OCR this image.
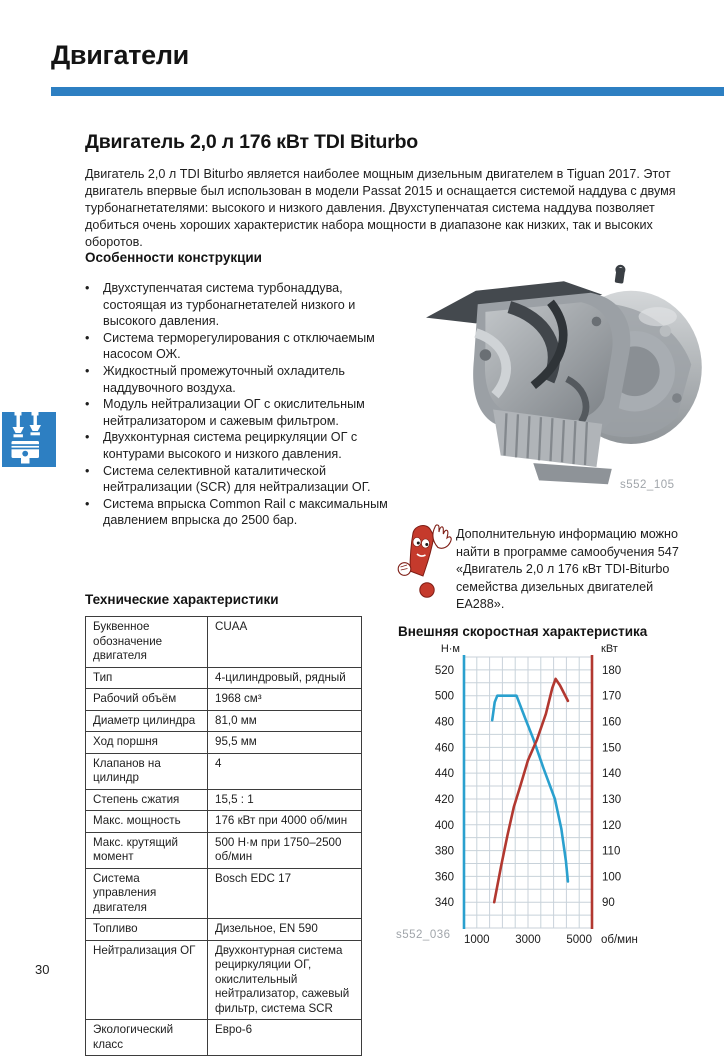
Двигатели
Двигатель 2,0 л 176 кВт TDI Biturbo

Двигатель 2,0 л TDI Biturbo является наиболее мощным дизельным двигателем в Tiguan 2017. Этот двигатель впервые был использован в модели Passat 2015 и оснащается системой наддува с двумя турбонагнетателями: высокого и низкого давления. Двухступенчатая система наддува позволяет добиться очень хороших характеристик набора мощности в диапазоне как низких, так и высоких оборотов.

Особенности конструкции
•	Двухступенчатая система турбонаддува, состоящая из турбонагнетателей низкого и высокого давления.
•	Система терморегулирования с отключаемым насосом ОЖ.
•	Жидкостный промежуточный охладитель наддувочного воздуха.
•	Модуль нейтрализации ОГ с окислительным нейтрализатором и сажевым фильтром.
•	Двухконтурная система рециркуляции ОГ с контурами высокого и низкого давления.
•	Система селективной каталитической нейтрализации (SCR) для нейтрализации ОГ.
•	Система впрыска Common Rail с максимальным давлением впрыска до 2500 бар.
s552_105

Дополнительную информацию можно найти в программе самообучения 547 «Двигатель 2,0 л 176 кВт TDI-Biturbo семейства дизельных двигателей EA288».

Технические характеристики
Буквенное обозначение двигателя	CUAA
Тип	4-цилиндровый, рядный
Рабочий объём	1968 см³
Диаметр цилиндра	81,0 мм
Ход поршня	95,5 мм
Клапанов на цилиндр	4
Степень сжатия	15,5 : 1
Макс. мощность	176 кВт при 4000 об/мин
Макс. крутящий момент	500 Н·м при 1750–2500 об/мин
Система управления двигателя	Bosch EDC 17
Топливо	Дизельное, EN 590
Нейтрализация ОГ	Двухконтурная система рециркуляции ОГ, окислительный нейтрализатор, сажевый фильтр, система SCR
Экологический класс	Евро-6
Внешняя скоростная характеристика
520
500
480
460
440
420
400
380
360
340
180
170
160
150
140
130
120
110
100
90
1000 3000 5000
Н·м	кВт
об/мин
s552_036
30
